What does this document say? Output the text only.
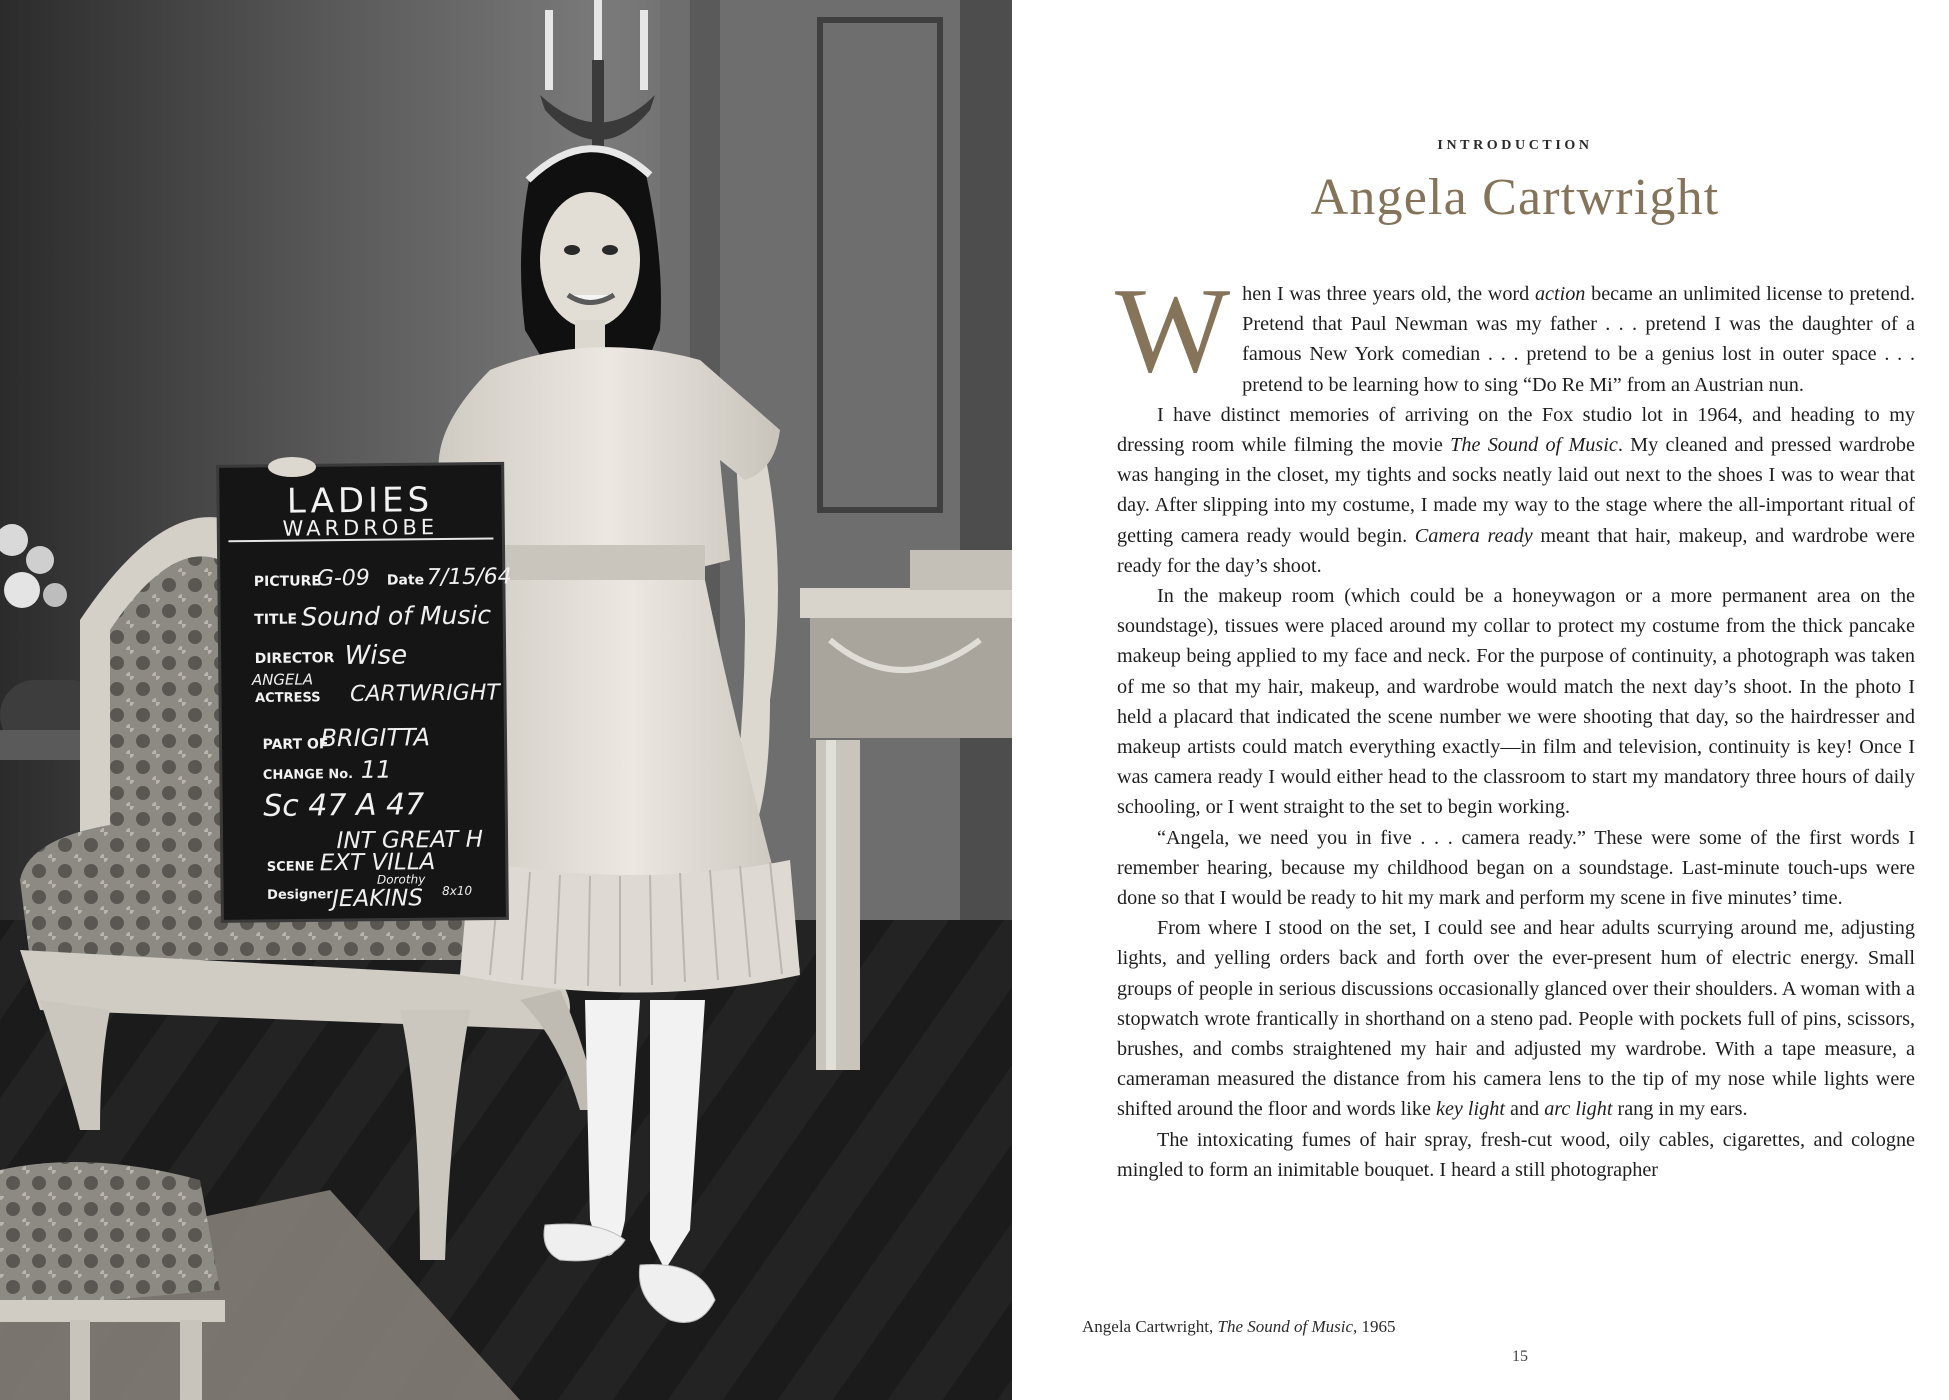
LADIES
WARDROBE
PICTURE
G-09 Date 7/15/64
TITLE Sound of Music
DIRECTOR Wise
ANGELA
ACTRESS CARTWRIGHT
PART OF
BRIGITTA
CHANGE No. 11
Sc 47 A 47
INT GREAT H
SCENE EXT VILLA
Designer
Dorothy
JEAKINS 8x10
INTRODUCTION
Angela Cartwright

When I was three years old, the word action became an unlimited license to pretend. Pretend that Paul Newman was my father . . . pretend I was the daughter of a famous New York comedian . . . pretend to be a genius lost in outer space . . . pretend to be learning how to sing “Do Re Mi” from an Austrian nun.

I have distinct memories of arriving on the Fox studio lot in 1964, and heading to my dressing room while filming the movie The Sound of Music. My cleaned and pressed wardrobe was hanging in the closet, my tights and socks neatly laid out next to the shoes I was to wear that day. After slipping into my costume, I made my way to the stage where the all-important ritual of getting camera ready would begin. Camera ready meant that hair, makeup, and wardrobe were ready for the day’s shoot.

In the makeup room (which could be a honeywagon or a more permanent area on the soundstage), tissues were placed around my collar to protect my costume from the thick pancake makeup being applied to my face and neck. For the purpose of continuity, a photograph was taken of me so that my hair, makeup, and wardrobe would match the next day’s shoot. In the photo I held a placard that indicated the scene number we were shooting that day, so the hairdresser and makeup artists could match everything exactly—in film and television, continuity is key! Once I was camera ready I would either head to the classroom to start my mandatory three hours of daily schooling, or I went straight to the set to begin working.

“Angela, we need you in five . . . camera ready.” These were some of the first words I remember hearing, because my childhood began on a soundstage. Last-minute touch-ups were done so that I would be ready to hit my mark and perform my scene in five minutes’ time.

From where I stood on the set, I could see and hear adults scurrying around me, adjusting lights, and yelling orders back and forth over the ever-present hum of electric energy. Small groups of people in serious discussions occasionally glanced over their shoulders. A woman with a stopwatch wrote frantically in shorthand on a steno pad. People with pockets full of pins, scissors, brushes, and combs straightened my hair and adjusted my wardrobe. With a tape measure, a cameraman measured the distance from his camera lens to the tip of my nose while lights were shifted around the floor and words like key light and arc light rang in my ears.

The intoxicating fumes of hair spray, fresh-cut wood, oily cables, cigarettes, and cologne mingled to form an inimitable bouquet. I heard a still photographer

Angela Cartwright, The Sound of Music, 1965
15
